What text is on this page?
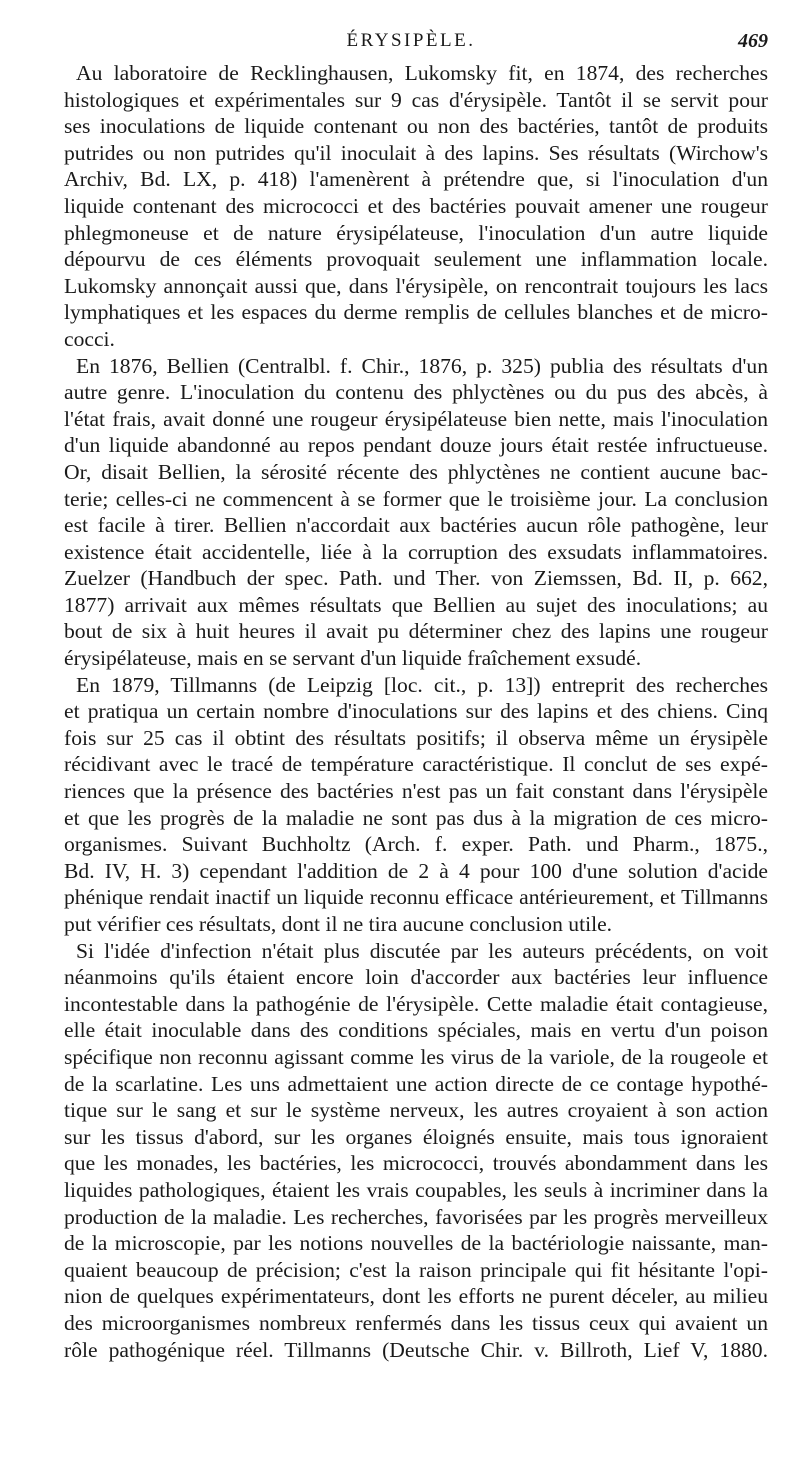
ÉRYSIPÈLE.	469

Au laboratoire de Recklinghausen, Lukomsky fit, en 1874, des recherches
histologiques et expérimentales sur 9 cas d'érysipèle. Tantôt il se servit pour
ses inoculations de liquide contenant ou non des bactéries, tantôt de produits
putrides ou non putrides qu'il inoculait à des lapins. Ses résultats (Wirchow's
Archiv, Bd. LX, p. 418) l'amenèrent à prétendre que, si l'inoculation d'un
liquide contenant des micrococci et des bactéries pouvait amener une rougeur
phlegmoneuse et de nature érysipélateuse, l'inoculation d'un autre liquide
dépourvu de ces éléments provoquait seulement une inflammation locale.
Lukomsky annonçait aussi que, dans l'érysipèle, on rencontrait toujours les lacs
lymphatiques et les espaces du derme remplis de cellules blanches et de micro-
cocci.

En 1876, Bellien (Centralbl. f. Chir., 1876, p. 325) publia des résultats d'un
autre genre. L'inoculation du contenu des phlyctènes ou du pus des abcès, à
l'état frais, avait donné une rougeur érysipélateuse bien nette, mais l'inoculation
d'un liquide abandonné au repos pendant douze jours était restée infructueuse.
Or, disait Bellien, la sérosité récente des phlyctènes ne contient aucune bac-
terie; celles-ci ne commencent à se former que le troisième jour. La conclusion
est facile à tirer. Bellien n'accordait aux bactéries aucun rôle pathogène, leur
existence était accidentelle, liée à la corruption des exsudats inflammatoires.
Zuelzer (Handbuch der spec. Path. und Ther. von Ziemssen, Bd. II, p. 662,
1877) arrivait aux mêmes résultats que Bellien au sujet des inoculations; au
bout de six à huit heures il avait pu déterminer chez des lapins une rougeur
érysipélateuse, mais en se servant d'un liquide fraîchement exsudé.

En 1879, Tillmanns (de Leipzig [loc. cit., p. 13]) entreprit des recherches
et pratiqua un certain nombre d'inoculations sur des lapins et des chiens. Cinq
fois sur 25 cas il obtint des résultats positifs; il observa même un érysipèle
récidivant avec le tracé de température caractéristique. Il conclut de ses expé-
riences que la présence des bactéries n'est pas un fait constant dans l'érysipèle
et que les progrès de la maladie ne sont pas dus à la migration de ces micro-
organismes. Suivant Buchholtz (Arch. f. exper. Path. und Pharm., 1875.,
Bd. IV, H. 3) cependant l'addition de 2 à 4 pour 100 d'une solution d'acide
phénique rendait inactif un liquide reconnu efficace antérieurement, et Tillmanns
put vérifier ces résultats, dont il ne tira aucune conclusion utile.

Si l'idée d'infection n'était plus discutée par les auteurs précédents, on voit
néanmoins qu'ils étaient encore loin d'accorder aux bactéries leur influence
incontestable dans la pathogénie de l'érysipèle. Cette maladie était contagieuse,
elle était inoculable dans des conditions spéciales, mais en vertu d'un poison
spécifique non reconnu agissant comme les virus de la variole, de la rougeole et
de la scarlatine. Les uns admettaient une action directe de ce contage hypothé-
tique sur le sang et sur le système nerveux, les autres croyaient à son action
sur les tissus d'abord, sur les organes éloignés ensuite, mais tous ignoraient
que les monades, les bactéries, les micrococci, trouvés abondamment dans les
liquides pathologiques, étaient les vrais coupables, les seuls à incriminer dans la
production de la maladie. Les recherches, favorisées par les progrès merveilleux
de la microscopie, par les notions nouvelles de la bactériologie naissante, man-
quaient beaucoup de précision; c'est la raison principale qui fit hésitante l'opi-
nion de quelques expérimentateurs, dont les efforts ne purent déceler, au milieu
des microorganismes nombreux renfermés dans les tissus ceux qui avaient un
rôle pathogénique réel. Tillmanns (Deutsche Chir. v. Billroth, Lief V, 1880.
